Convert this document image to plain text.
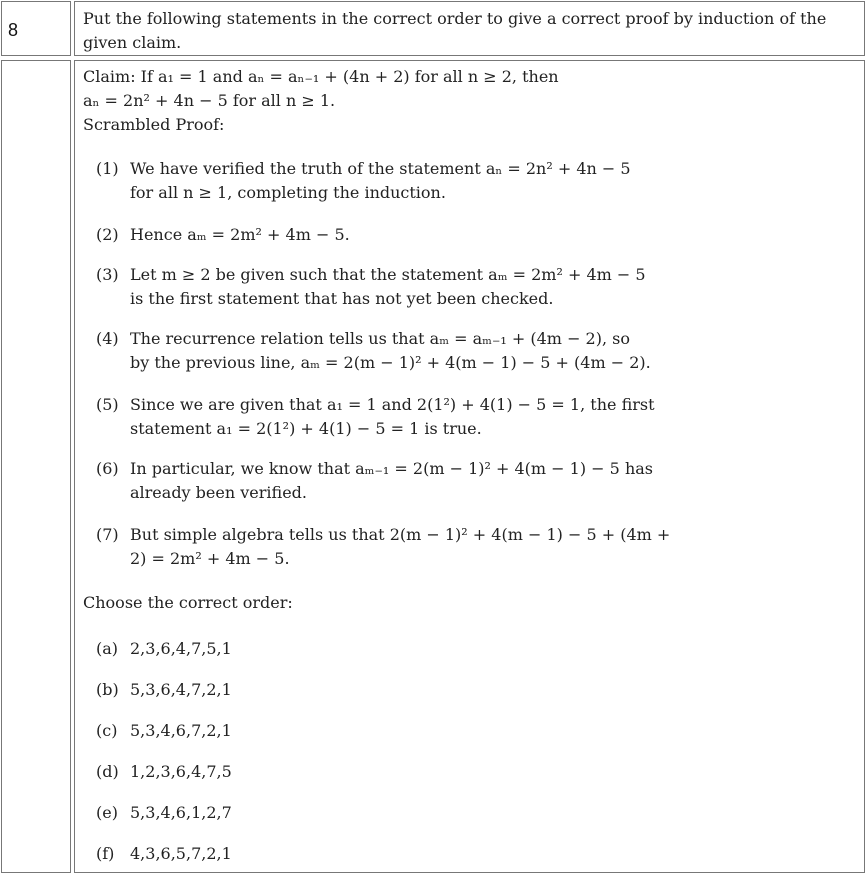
8
Put the following statements in the correct order to give a correct proof by induction of the given claim.
Claim: If a₁ = 1 and aₙ = aₙ₋₁ + (4n + 2) for all n ≥ 2, then
aₙ = 2n² + 4n − 5 for all n ≥ 1.
Scrambled Proof:
(1) We have verified the truth of the statement aₙ = 2n² + 4n − 5
for all n ≥ 1, completing the induction.
(2) Hence aₘ = 2m² + 4m − 5.
(3) Let m ≥ 2 be given such that the statement aₘ = 2m² + 4m − 5
is the first statement that has not yet been checked.
(4) The recurrence relation tells us that aₘ = aₘ₋₁ + (4m − 2), so
by the previous line, aₘ = 2(m − 1)² + 4(m − 1) − 5 + (4m − 2).
(5) Since we are given that a₁ = 1 and 2(1²) + 4(1) − 5 = 1, the first
statement a₁ = 2(1²) + 4(1) − 5 = 1 is true.
(6) In particular, we know that aₘ₋₁ = 2(m − 1)² + 4(m − 1) − 5 has
already been verified.
(7) But simple algebra tells us that 2(m − 1)² + 4(m − 1) − 5 + (4m +
2) = 2m² + 4m − 5.
Choose the correct order:
(a) 2,3,6,4,7,5,1
(b) 5,3,6,4,7,2,1
(c) 5,3,4,6,7,2,1
(d) 1,2,3,6,4,7,5
(e) 5,3,4,6,1,2,7
(f) 4,3,6,5,7,2,1
